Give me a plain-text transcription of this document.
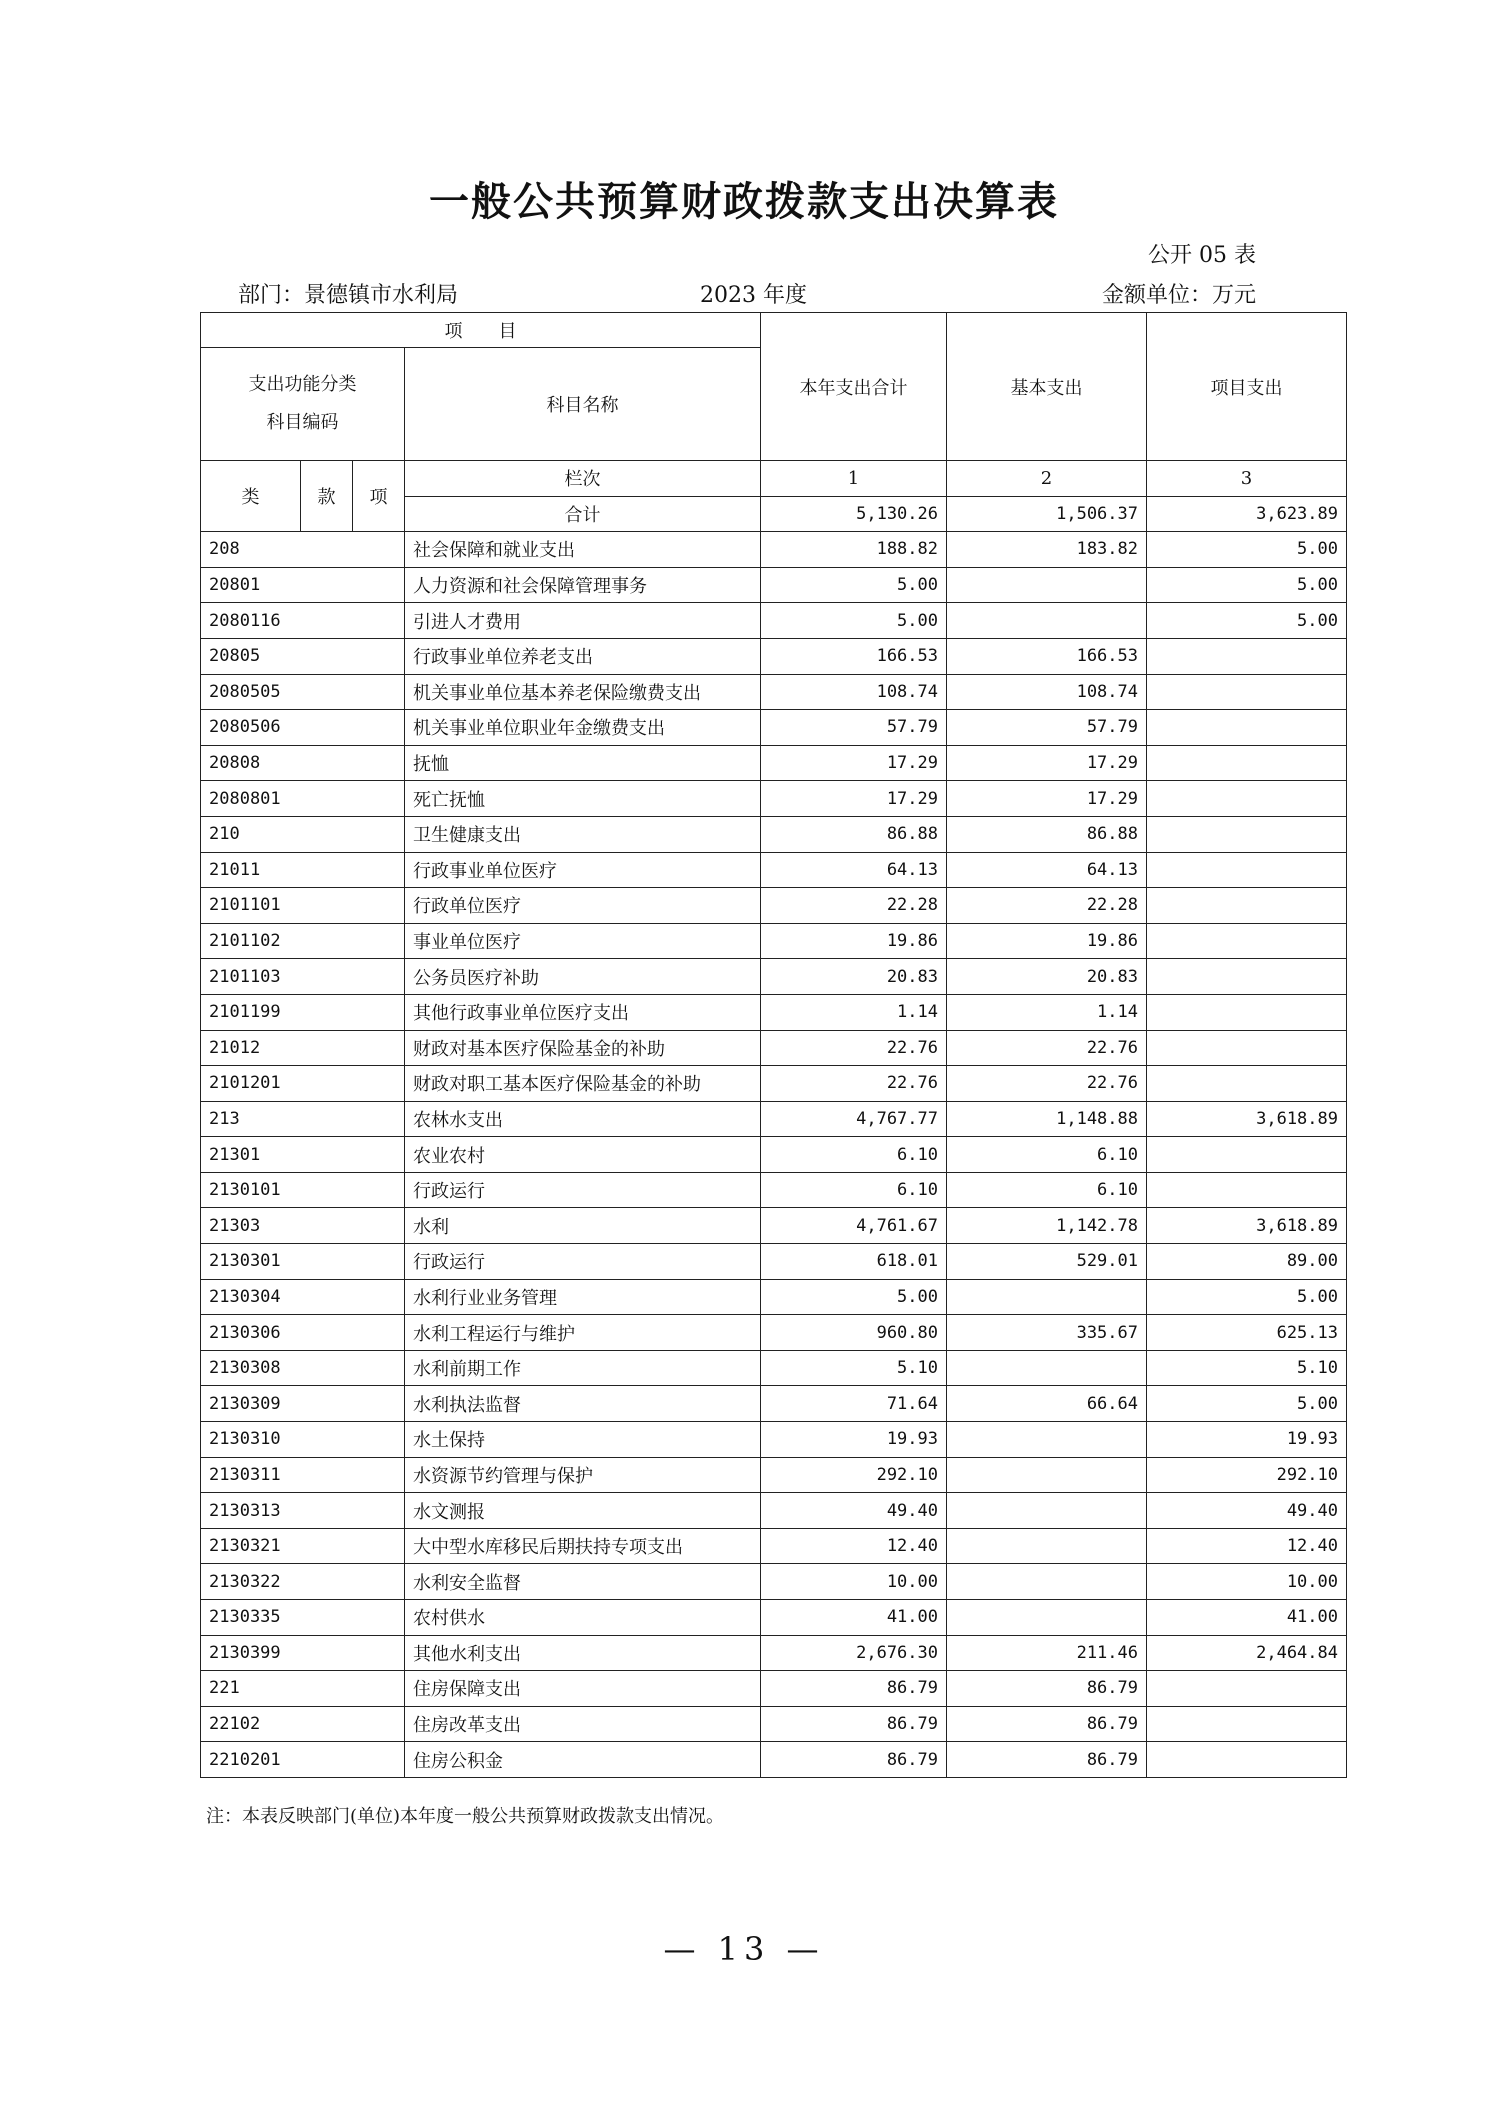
一般公共预算财政拨款支出决算表
公开 05 表
部门：景德镇市水利局	2023 年度	金额单位：万元
项　　目				本年支出合计	基本支出	项目支出

支出功能分类
科目编码			科目名称			
类	款	项	栏次	1	2	3
			合计	5,130.26	1,506.37	3,623.89
208			社会保障和就业支出	188.82	183.82	5.00
20801			人力资源和社会保障管理事务	5.00		5.00
2080116			引进人才费用	5.00		5.00
20805			行政事业单位养老支出	166.53	166.53	
2080505			机关事业单位基本养老保险缴费支出	108.74	108.74	
2080506			机关事业单位职业年金缴费支出	57.79	57.79	
20808			抚恤	17.29	17.29	
2080801			死亡抚恤	17.29	17.29	
210			卫生健康支出	86.88	86.88	
21011			行政事业单位医疗	64.13	64.13	
2101101			行政单位医疗	22.28	22.28	
2101102			事业单位医疗	19.86	19.86	
2101103			公务员医疗补助	20.83	20.83	
2101199			其他行政事业单位医疗支出	1.14	1.14	
21012			财政对基本医疗保险基金的补助	22.76	22.76	
2101201			财政对职工基本医疗保险基金的补助	22.76	22.76	
213			农林水支出	4,767.77	1,148.88	3,618.89
21301			农业农村	6.10	6.10	
2130101			行政运行	6.10	6.10	
21303			水利	4,761.67	1,142.78	3,618.89
2130301			行政运行	618.01	529.01	89.00
2130304			水利行业业务管理	5.00		5.00
2130306			水利工程运行与维护	960.80	335.67	625.13
2130308			水利前期工作	5.10		5.10
2130309			水利执法监督	71.64	66.64	5.00
2130310			水土保持	19.93		19.93
2130311			水资源节约管理与保护	292.10		292.10
2130313			水文测报	49.40		49.40
2130321			大中型水库移民后期扶持专项支出	12.40		12.40
2130322			水利安全监督	10.00		10.00
2130335			农村供水	41.00		41.00
2130399			其他水利支出	2,676.30	211.46	2,464.84
221			住房保障支出	86.79	86.79	
22102			住房改革支出	86.79	86.79	
2210201			住房公积金	86.79	86.79	
注：本表反映部门(单位)本年度一般公共预算财政拨款支出情况。
— 13 —
